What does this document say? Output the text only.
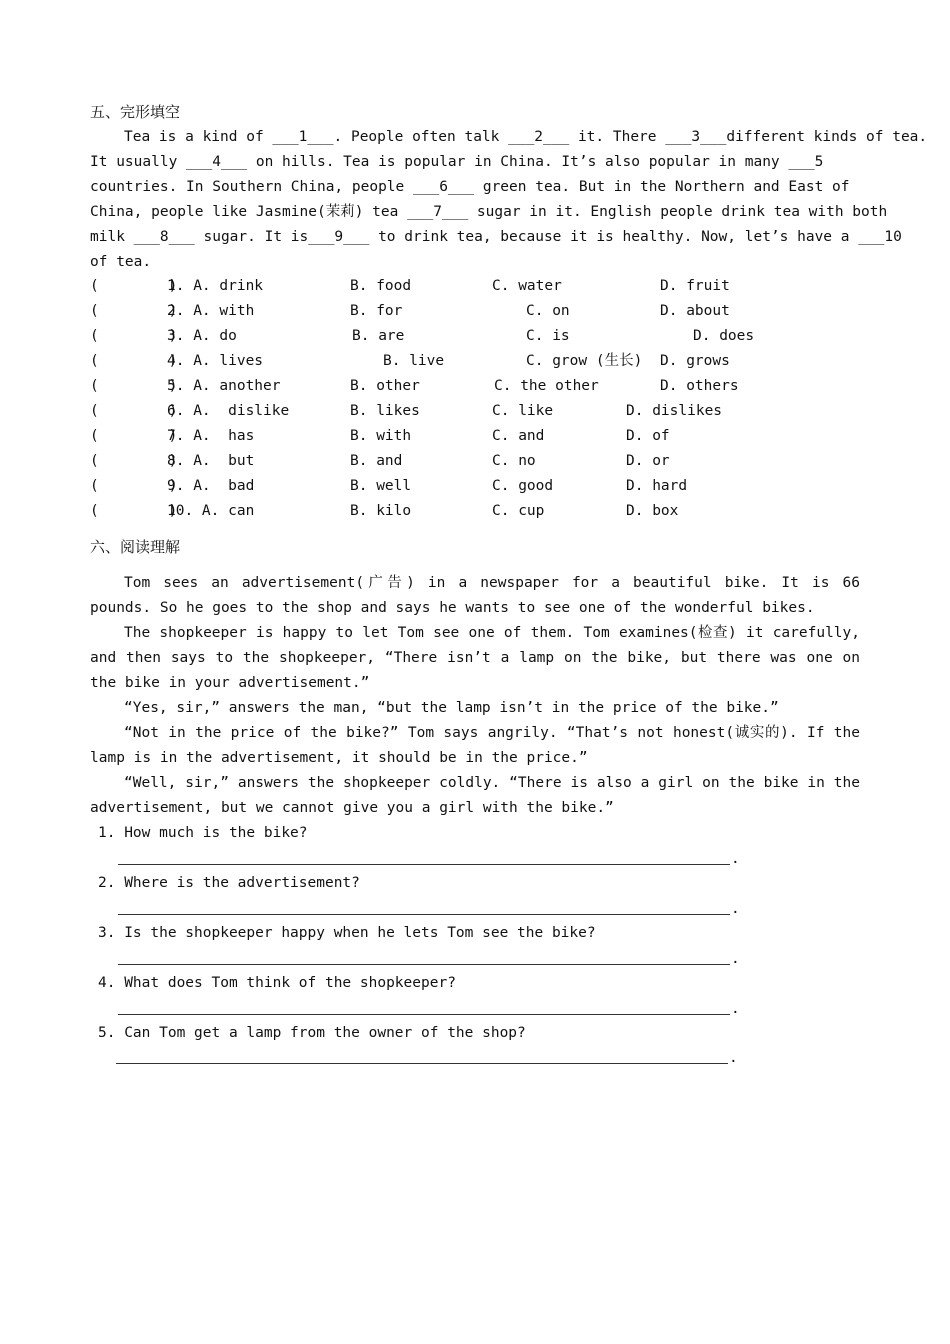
五、完形填空
Tea is a kind of ___1___. People often talk ___2___ it. There ___3___different kinds of tea.
It usually ___4___ on hills. Tea is popular in China. It’s also popular in many ___5
countries. In Southern China, people ___6___ green tea. But in the Northern and East of
China, people like Jasmine(茉莉) tea ___7___ sugar in it. English people drink tea with both
milk ___8___ sugar. It is___9___ to drink tea, because it is healthy. Now, let’s have a ___10
of tea.
(        )
1. A. drink	B. food	C. water	D. fruit
(        )
2. A. with	B. for	C. on	D. about
(        )
3. A. do	B. are	C. is	D. does
(        )
4. A. lives	B. live	C. grow (生长) D. grows
(        )
5. A. another	B. other	C. the other	D. others
(        )
6. A.  dislike	B. likes	C. like	D. dislikes
(        )
7. A.  has	B. with	C. and	D. of
(        )
8. A.  but	B. and	C. no	D. or
(        )
9. A.  bad	B. well	C. good	D. hard
(        )
10. A. can	B. kilo	C. cup	D. box
六、阅读理解
Tom sees an advertisement(广告) in a newspaper for a beautiful bike. It is 66 pounds. So he goes to the shop and says he wants to see one of the wonderful bikes.
The shopkeeper is happy to let Tom see one of them. Tom examines(检查) it carefully, and then says to the shopkeeper, “There isn’t a lamp on the bike, but there was one on the bike in your advertisement.”
“Yes, sir,” answers the man, “but the lamp isn’t in the price of the bike.”
“Not in the price of the bike?” Tom says angrily. “That’s not honest(诚实的). If the lamp is in the advertisement, it should be in the price.”
“Well, sir,” answers the shopkeeper coldly. “There is also a girl on the bike in the advertisement, but we cannot give you a girl with the bike.”
1. How much is the bike?
.
2. Where is the advertisement?
.
3. Is the shopkeeper happy when he lets Tom see the bike?
.
4. What does Tom think of the shopkeeper?
.
5. Can Tom get a lamp from the owner of the shop?
.
